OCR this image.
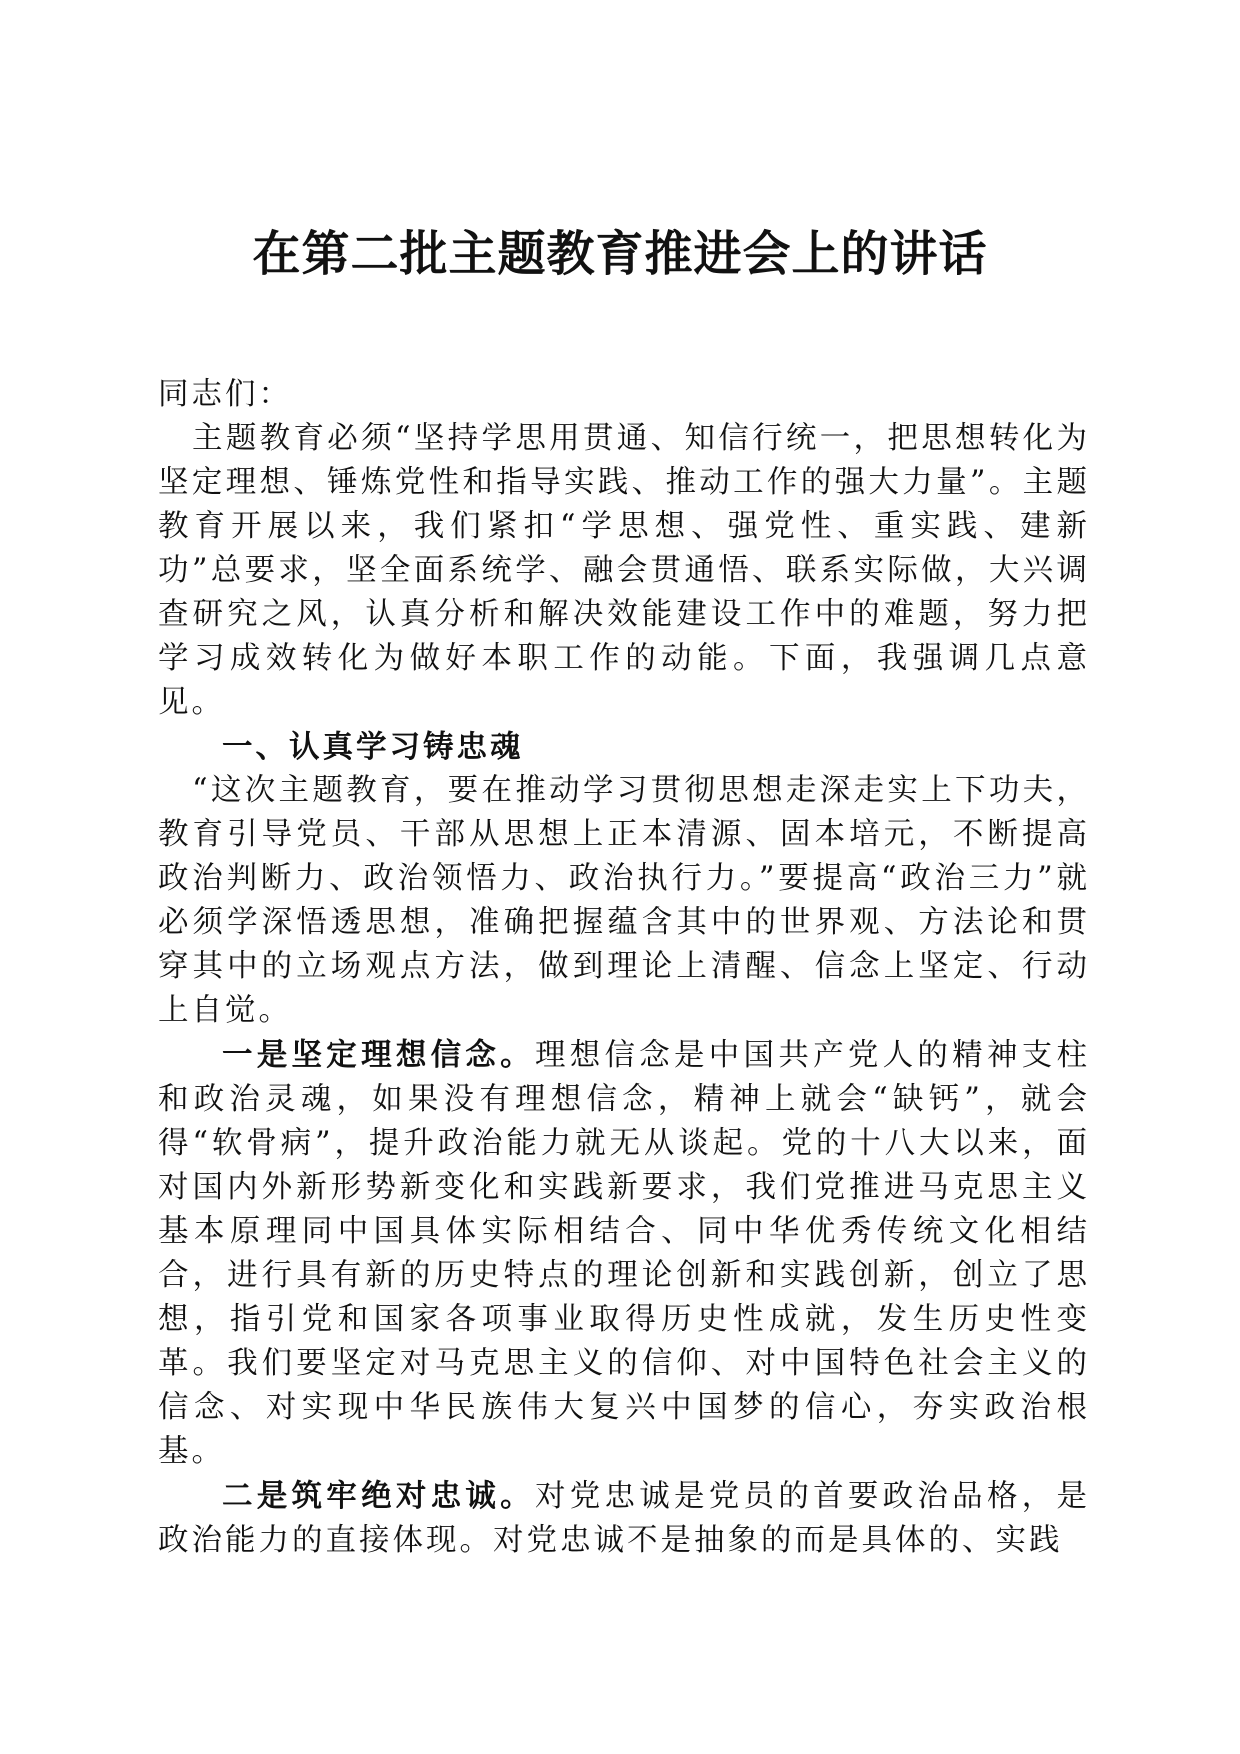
在第二批主题教育推进会上的讲话

同志们：

主题教育必须“坚持学思用贯通、知信行统一，把思想转化为坚定理想、锤炼党性和指导实践、推动工作的强大力量”。主题教育开展以来，我们紧扣“学思想、强党性、重实践、建新功”总要求，坚全面系统学、融会贯通悟、联系实际做，大兴调查研究之风，认真分析和解决效能建设工作中的难题，努力把学习成效转化为做好本职工作的动能。下面，我强调几点意见。

一、认真学习铸忠魂

“这次主题教育，要在推动学习贯彻思想走深走实上下功夫，教育引导党员、干部从思想上正本清源、固本培元，不断提高政治判断力、政治领悟力、政治执行力。”要提高“政治三力”就必须学深悟透思想，准确把握蕴含其中的世界观、方法论和贯穿其中的立场观点方法，做到理论上清醒、信念上坚定、行动上自觉。

一是坚定理想信念。理想信念是中国共产党人的精神支柱和政治灵魂，如果没有理想信念，精神上就会“缺钙”，就会得“软骨病”，提升政治能力就无从谈起。党的十八大以来，面对国内外新形势新变化和实践新要求，我们党推进马克思主义基本原理同中国具体实际相结合、同中华优秀传统文化相结合，进行具有新的历史特点的理论创新和实践创新，创立了思想，指引党和国家各项事业取得历史性成就，发生历史性变革。我们要坚定对马克思主义的信仰、对中国特色社会主义的信念、对实现中华民族伟大复兴中国梦的信心，夯实政治根基。

二是筑牢绝对忠诚。对党忠诚是党员的首要政治品格，是政治能力的直接体现。对党忠诚不是抽象的而是具体的、实践
